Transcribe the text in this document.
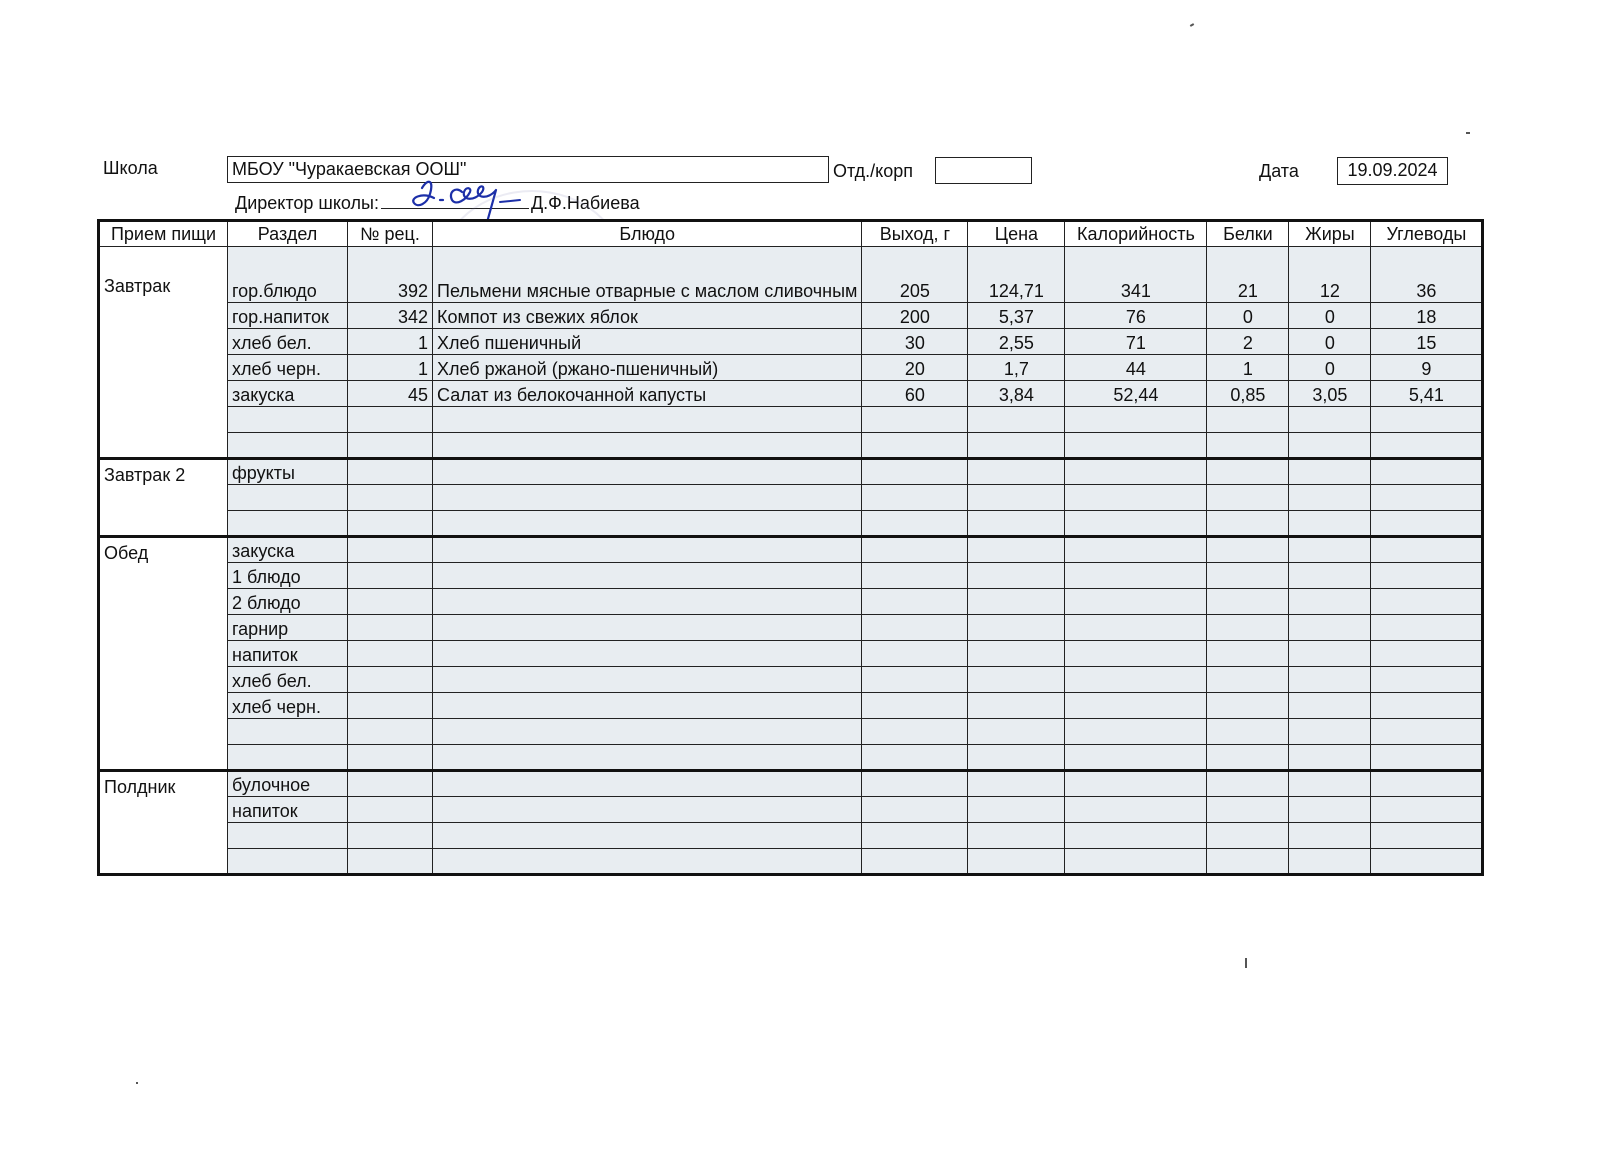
Школа	МБОУ "Чуракаевская ООШ"	Отд./корп	Дата	19.09.2024
Директор школы:	Д.Ф.Набиева
Прием пищи	Раздел	№ рец.	Блюдо	Выход, г	Цена	Калорийность	Белки	Жиры	Углеводы
Завтрак	гор.блюдо	392	Пельмени мясные отварные с маслом сливочным	205	124,71	341	21	12	36
	гор.напиток	342	Компот из свежих яблок	200	5,37	76	0	0	18
	хлеб бел.	1	Хлеб пшеничный	30	2,55	71	2	0	15
	хлеб черн.	1	Хлеб ржаной (ржано-пшеничный)	20	1,7	44	1	0	9
	закуска	45	Салат из белокочанной капусты	60	3,84	52,44	0,85	3,05	5,41

Завтрак 2	фрукты								

Обед	закуска								
	1 блюдо								
	2 блюдо								
	гарнир								
	напиток								
	хлеб бел.								
	хлеб черн.								

Полдник	булочное								
	напиток								
